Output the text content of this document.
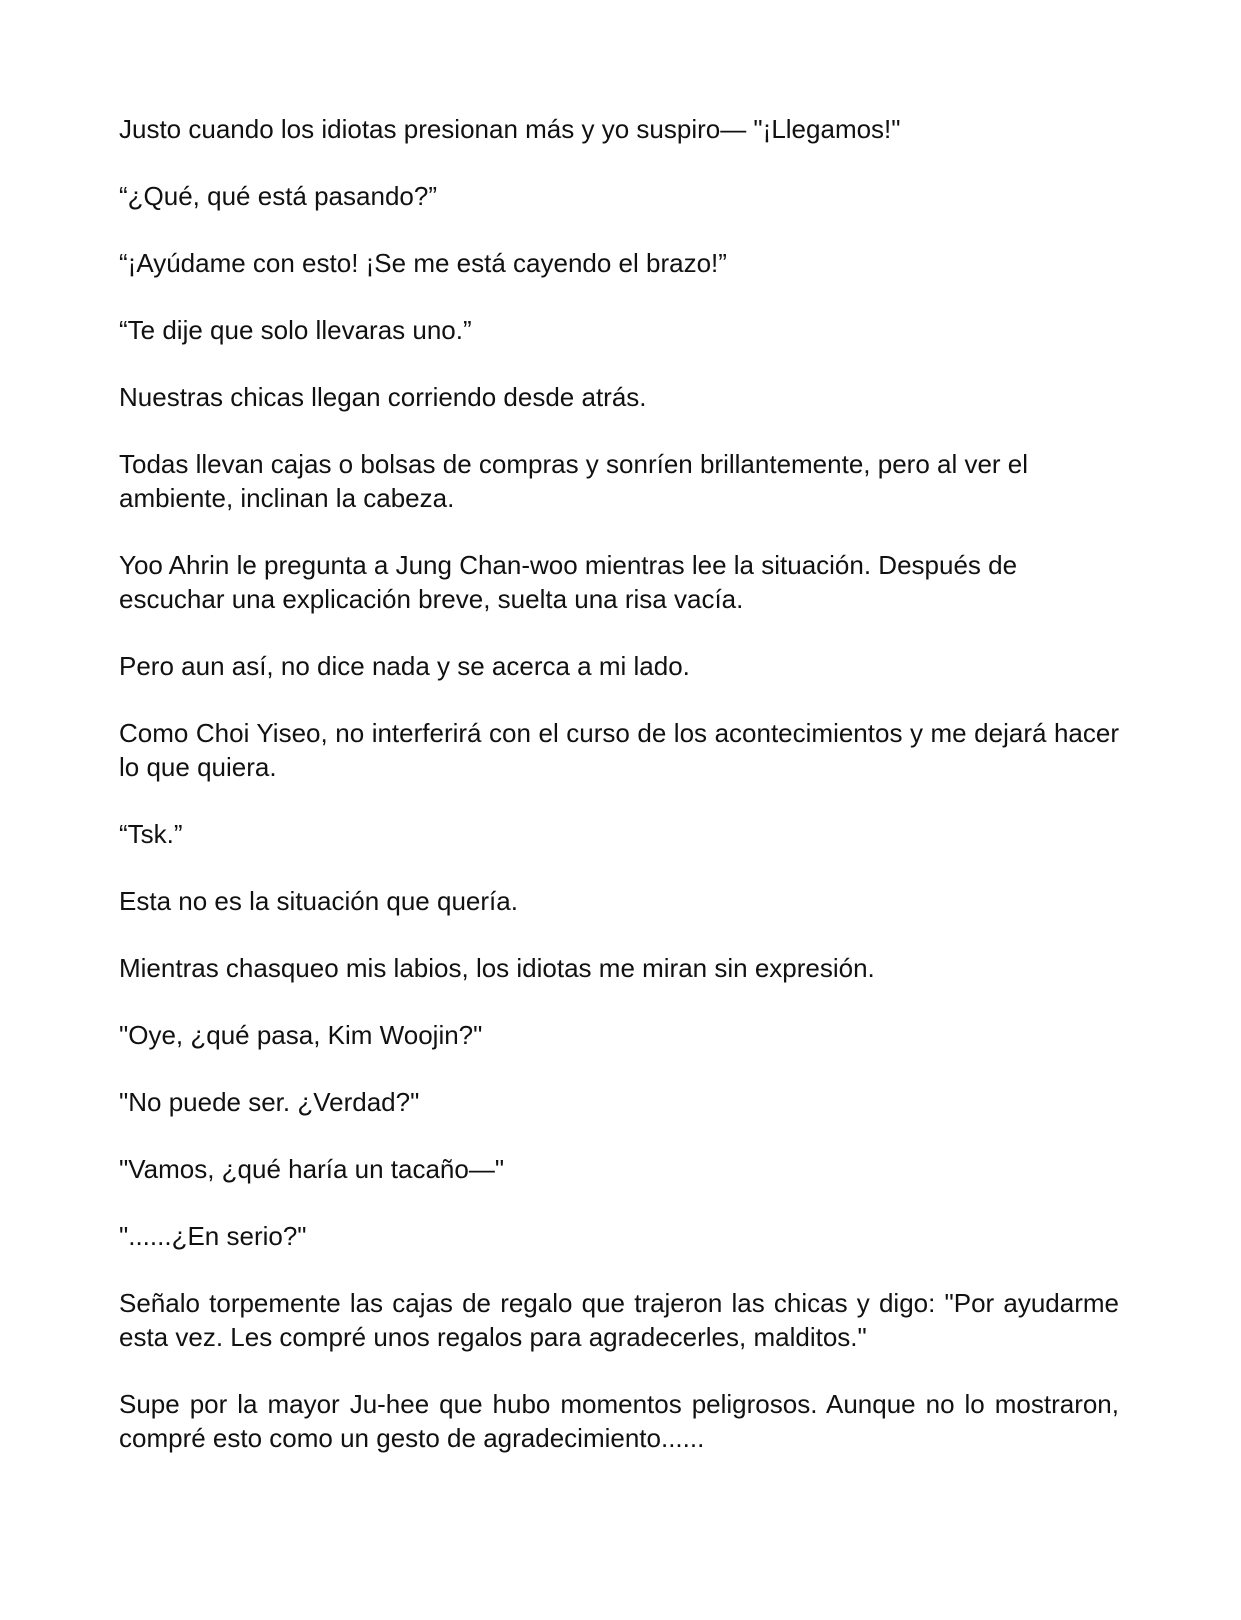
Justo cuando los idiotas presionan más y yo suspiro— "¡Llegamos!"

“¿Qué, qué está pasando?”

“¡Ayúdame con esto! ¡Se me está cayendo el brazo!”

“Te dije que solo llevaras uno.”

Nuestras chicas llegan corriendo desde atrás.

Todas llevan cajas o bolsas de compras y sonríen brillantemente, pero al ver el ambiente, inclinan la cabeza.

Yoo Ahrin le pregunta a Jung Chan-woo mientras lee la situación. Después de escuchar una explicación breve, suelta una risa vacía.

Pero aun así, no dice nada y se acerca a mi lado.

Como Choi Yiseo, no interferirá con el curso de los acontecimientos y me dejará hacer lo que quiera.

“Tsk.”

Esta no es la situación que quería.

Mientras chasqueo mis labios, los idiotas me miran sin expresión.

"Oye, ¿qué pasa, Kim Woojin?"

"No puede ser. ¿Verdad?"

"Vamos, ¿qué haría un tacaño—"

"......¿En serio?"

Señalo torpemente las cajas de regalo que trajeron las chicas y digo: "Por ayudarme esta vez. Les compré unos regalos para agradecerles, malditos."

Supe por la mayor Ju-hee que hubo momentos peligrosos. Aunque no lo mostraron, compré esto como un gesto de agradecimiento......
